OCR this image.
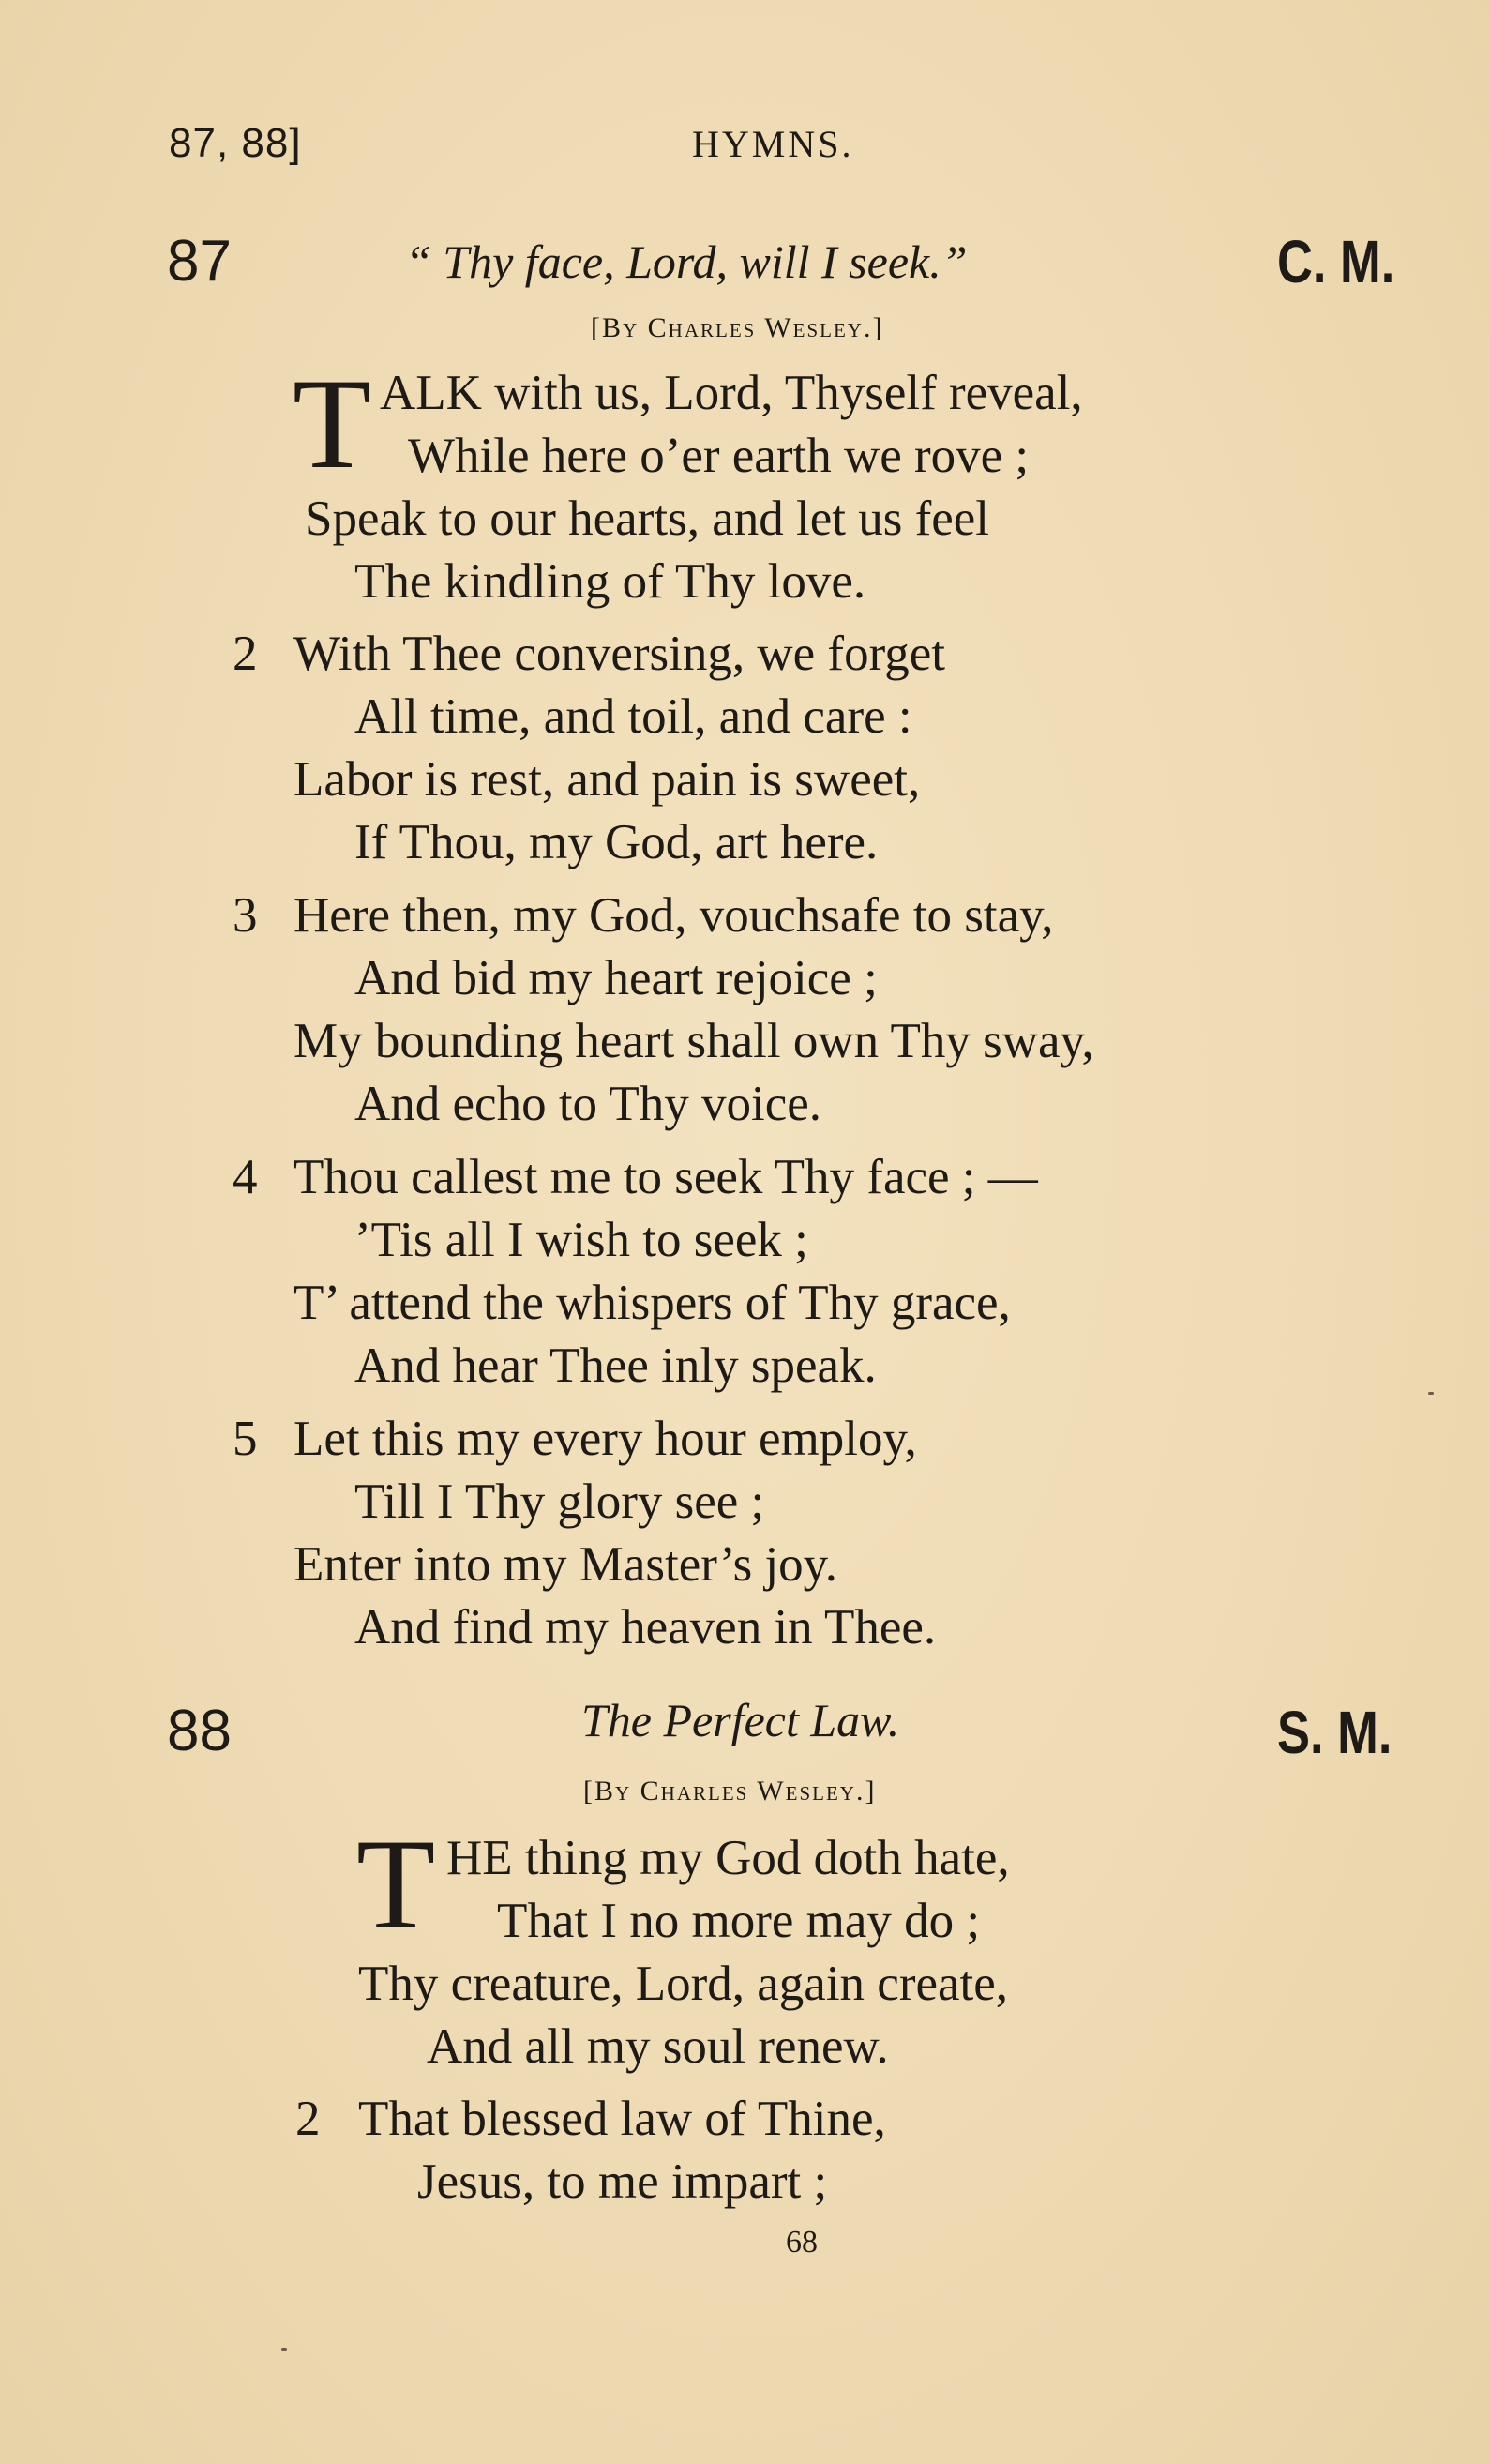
87, 88]	HYMNS.
87	“ Thy face, Lord, will I seek.”	C. M.
[By Charles Wesley.]
T ALK with us, Lord, Thyself reveal,
While here o’er earth we rove ;
Speak to our hearts, and let us feel
The kindling of Thy love.
2 With Thee conversing, we forget
All time, and toil, and care :
Labor is rest, and pain is sweet,
If Thou, my God, art here.
3 Here then, my God, vouchsafe to stay,
And bid my heart rejoice ;
My bounding heart shall own Thy sway,
And echo to Thy voice.
4 Thou callest me to seek Thy face ; —
’Tis all I wish to seek ;
T’ attend the whispers of Thy grace,
And hear Thee inly speak.
5 Let this my every hour employ,
Till I Thy glory see ;
Enter into my Master’s joy.
And find my heaven in Thee.
88	The Perfect Law.	S. M.
[By Charles Wesley.]
T HE thing my God doth hate,
That I no more may do ;
Thy creature, Lord, again create,
And all my soul renew.
2 That blessed law of Thine,
Jesus, to me impart ;
68
